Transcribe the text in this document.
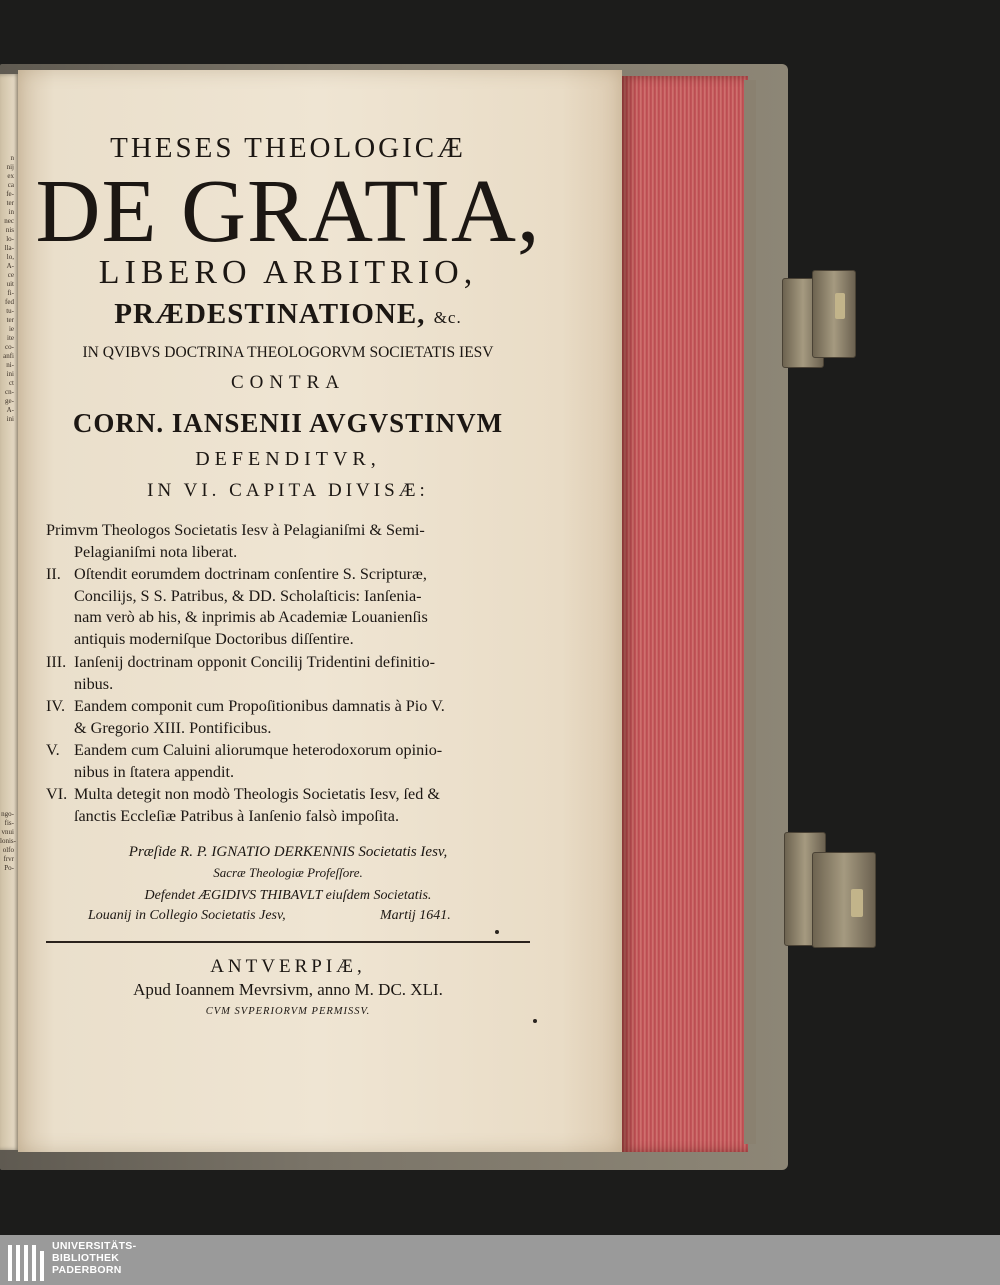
n
nij
ex
ca
fe-
ter
in
nec
nis
lo-
lla-
lo,
A-
ce
uit
fi-
fed
tu-
ter
ie
ite
co-
anfi
ni-
ini
ct
cn-
ge-
A-
ini
ngo-
fis-
vnui
lonis-
olfo
frvr
Po-
THESES THEOLOGICÆ
DE GRATIA,
LIBERO ARBITRIO,
PRÆDESTINATIONE, &c.
IN QVIBVS DOCTRINA THEOLOGORVM SOCIETATIS IESV
CONTRA
CORN. IANSENII AVGVSTINVM
DEFENDITVR,
IN VI. CAPITA DIVISÆ:
Primvm Theologos Societatis Iesv à Pelagianiſmi & Semi-
Pelagianiſmi nota liberat.
II. Oſtendit eorumdem doctrinam conſentire S. Scripturæ,
Concilijs, S S. Patribus, & DD. Scholaſticis: Ianſenia-
nam verò ab his, & inprimis ab Academiæ Louanienſis
antiquis moderniſque Doctoribus diſſentire.
III. Ianſenij doctrinam opponit Concilij Tridentini definitio-
nibus.
IV. Eandem componit cum Propoſitionibus damnatis à Pio V.
& Gregorio XIII. Pontificibus.
V. Eandem cum Caluini aliorumque heterodoxorum opinio-
nibus in ſtatera appendit.
VI. Multa detegit non modò Theologis Societatis Iesv, ſed &
ſanctis Eccleſiæ Patribus à Ianſenio falsò impoſita.
Præſide R. P. IGNATIO DERKENNIS Societatis Iesv,
Sacræ Theologiæ Profeſſore.
Defendet ÆGIDIVS THIBAVLT eiuſdem Societatis.
Louanij in Collegio Societatis Jesv,	Martij 1641.
ANTVERPIÆ,
Apud Ioannem Mevrsivm, anno M. DC. XLI.
CVM SVPERIORVM PERMISSV.
UNIVERSITÄTS-
BIBLIOTHEK
PADERBORN
